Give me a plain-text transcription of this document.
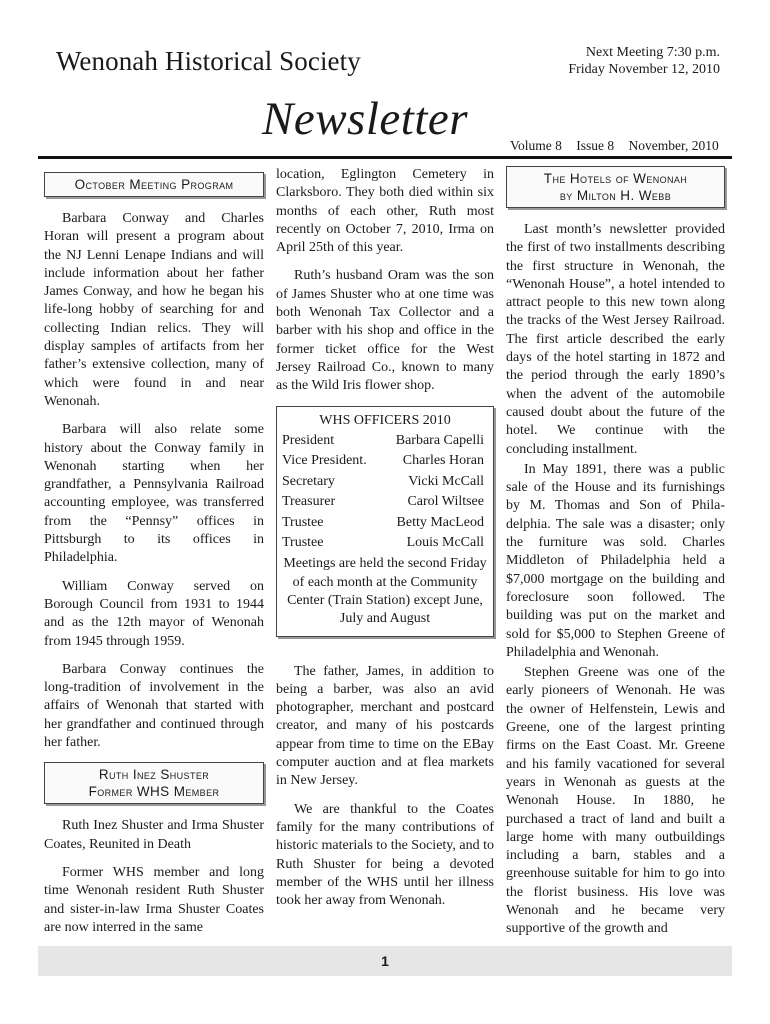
Wenonah Historical Society	Next Meeting 7:30 p.m.
Friday November 12, 2010
Newsletter
Volume 8 Issue 8 November, 2010
October Meeting Program

Barbara Conway and Charles Horan will present a program about the NJ Lenni Lenape Indians and will include information about her father James Conway, and how he began his life-long hobby of searching for and collecting Indian relics. They will display samples of artifacts from her father’s extensive collection, many of which were found in and near Wenonah.

Barbara will also relate some history about the Conway family in Wenonah starting when her grandfather, a Pennsylvania Railroad accounting employee, was transferred from the “Pennsy” offices in Pittsburgh to its offices in Philadelphia.

William Conway served on Borough Council from 1931 to 1944 and as the 12th mayor of Wenonah from 1945 through 1959.

Barbara Conway continues the long-tradition of involvement in the affairs of Wenonah that started with her grandfather and continued through her father.

Ruth Inez Shuster
Former WHS Member

Ruth Inez Shuster and Irma Shuster Coates, Reunited in Death

Former WHS member and long time Wenonah resident Ruth Shuster and sister-in-law Irma Shuster Coates are now interred in the same

location, Eglington Cemetery in Clarksboro. They both died within six months of each other, Ruth most recently on October 7, 2010, Irma on April 25th of this year.

Ruth’s husband Oram was the son of James Shuster who at one time was both Wenonah Tax Collector and a barber with his shop and office in the former ticket office for the West Jersey Railroad Co., known to many as the Wild Iris flower shop.

WHS OFFICERS 2010
President	Barbara Capelli
Vice President.	Charles Horan
Secretary	Vicki McCall
Treasurer	Carol Wiltsee
Trustee	Betty MacLeod
Trustee	Louis McCall
Meetings are held the second Friday of each month at the Community Center (Train Station) except June, July and August

The father, James, in addition to being a barber, was also an avid photographer, merchant and postcard creator, and many of his postcards appear from time to time on the EBay computer auction and at flea markets in New Jersey.

We are thankful to the Coates family for the many contributions of historic materials to the Society, and to Ruth Shuster for being a devoted member of the WHS until her illness took her away from Wenonah.

The Hotels of Wenonah
by Milton H. Webb

Last month’s newsletter provided the first of two installments describing the first structure in Wenonah, the “Wenonah House”, a hotel intended to attract people to this new town along the tracks of the West Jersey Railroad. The first article described the early days of the hotel starting in 1872 and the period through the early 1890’s when the advent of the automobile caused doubt about the future of the hotel. We continue with the concluding installment.

In May 1891, there was a public sale of the House and its furnishings by M. Thomas and Son of Phila-delphia. The sale was a disaster; only the furniture was sold. Charles Middleton of Philadelphia held a $7,000 mortgage on the building and foreclosure soon followed. The building was put on the market and sold for $5,000 to Stephen Greene of Philadelphia and Wenonah.

Stephen Greene was one of the early pioneers of Wenonah. He was the owner of Helfenstein, Lewis and Greene, one of the largest printing firms on the East Coast. Mr. Greene and his family vacationed for several years in Wenonah as guests at the Wenonah House. In 1880, he purchased a tract of land and built a large home with many outbuildings including a barn, stables and a greenhouse suitable for him to go into the florist business. His love was Wenonah and he became very supportive of the growth and

1
